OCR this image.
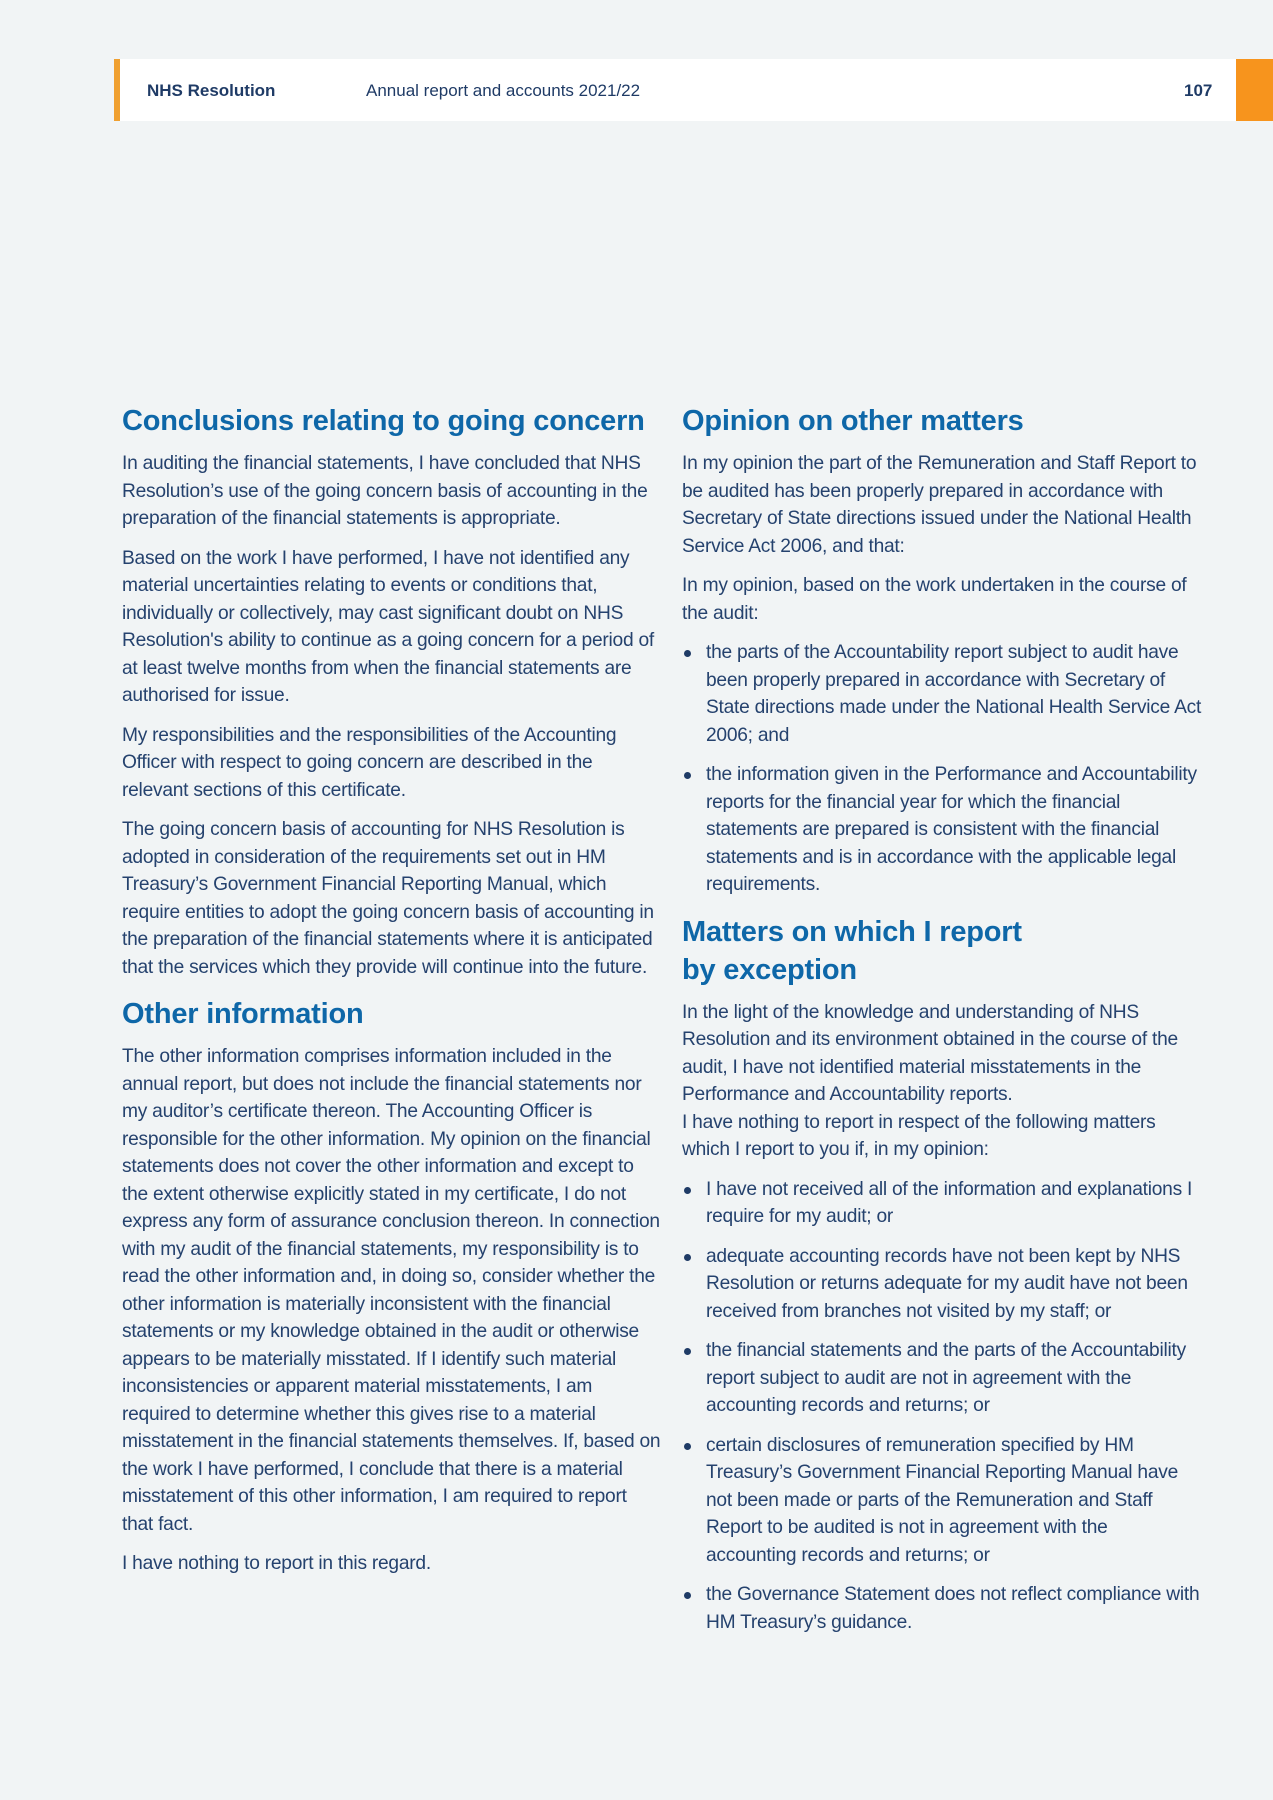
NHS Resolution	Annual report and accounts 2021/22	107
Conclusions relating to going concern

In auditing the financial statements, I have concluded that NHS Resolution’s use of the going concern basis of accounting in the preparation of the financial statements is appropriate.

Based on the work I have performed, I have not identified any material uncertainties relating to events or conditions that, individually or collectively, may cast significant doubt on NHS Resolution's ability to continue as a going concern for a period of at least twelve months from when the financial statements are authorised for issue.

My responsibilities and the responsibilities of the Accounting Officer with respect to going concern are described in the relevant sections of this certificate.

The going concern basis of accounting for NHS Resolution is adopted in consideration of the requirements set out in HM Treasury’s Government Financial Reporting Manual, which require entities to adopt the going concern basis of accounting in the preparation of the financial statements where it is anticipated that the services which they provide will continue into the future.

Other information

The other information comprises information included in the annual report, but does not include the financial statements nor my auditor’s certificate thereon. The Accounting Officer is responsible for the other information. My opinion on the financial statements does not cover the other information and except to the extent otherwise explicitly stated in my certificate, I do not express any form of assurance conclusion thereon. In connection with my audit of the financial statements, my responsibility is to read the other information and, in doing so, consider whether the other information is materially inconsistent with the financial statements or my knowledge obtained in the audit or otherwise appears to be materially misstated. If I identify such material inconsistencies or apparent material misstatements, I am required to determine whether this gives rise to a material misstatement in the financial statements themselves. If, based on the work I have performed, I conclude that there is a material misstatement of this other information, I am required to report that fact.

I have nothing to report in this regard.

Opinion on other matters

In my opinion the part of the Remuneration and Staff Report to be audited has been properly prepared in accordance with Secretary of State directions issued under the National Health Service Act 2006, and that:

In my opinion, based on the work undertaken in the course of the audit:

the parts of the Accountability report subject to audit have been properly prepared in accordance with Secretary of State directions made under the National Health Service Act 2006; and
the information given in the Performance and Accountability reports for the financial year for which the financial statements are prepared is consistent with the financial statements and is in accordance with the applicable legal requirements.
Matters on which I report by exception

In the light of the knowledge and understanding of NHS Resolution and its environment obtained in the course of the audit, I have not identified material misstatements in the Performance and Accountability reports.

I have nothing to report in respect of the following matters which I report to you if, in my opinion:

I have not received all of the information and explanations I require for my audit; or
adequate accounting records have not been kept by NHS Resolution or returns adequate for my audit have not been received from branches not visited by my staff; or
the financial statements and the parts of the Accountability report subject to audit are not in agreement with the accounting records and returns; or
certain disclosures of remuneration specified by HM Treasury’s Government Financial Reporting Manual have not been made or parts of the Remuneration and Staff Report to be audited is not in agreement with the accounting records and returns; or
the Governance Statement does not reflect compliance with HM Treasury’s guidance.
